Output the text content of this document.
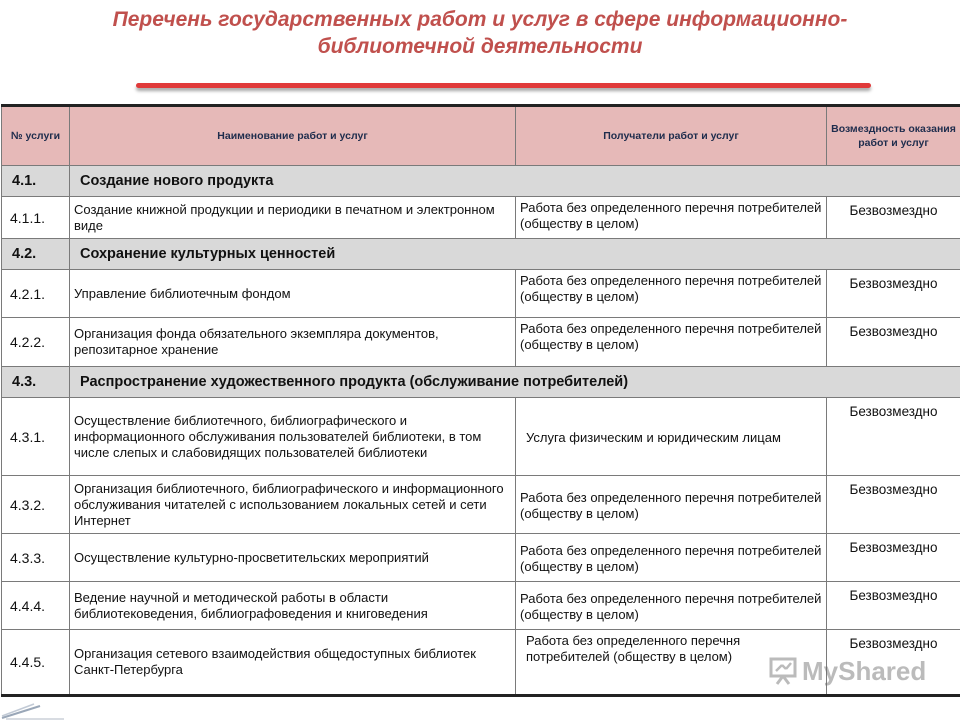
Перечень государственных работ и услуг в сфере информационно-
библиотечной деятельности
№ услуги	Наименование работ и услуг	Получатели работ и услуг	Возмездность оказания работ и услуг
4.1.	Создание нового продукта		
4.1.1.	Создание книжной продукции и периодики в печатном и электронном виде	Работа без определенного перечня потребителей (обществу в целом)	Безвозмездно
4.2.	Сохранение культурных ценностей		
4.2.1.	Управление библиотечным фондом	Работа без определенного перечня потребителей (обществу в целом)	Безвозмездно
4.2.2.	Организация фонда обязательного экземпляра документов, репозитарное хранение	Работа без определенного перечня потребителей (обществу в целом)	Безвозмездно
4.3.	Распространение художественного продукта (обслуживание потребителей)		
4.3.1.	Осуществление библиотечного, библиографического и информационного обслуживания пользователей библиотеки, в том числе слепых и слабовидящих пользователей библиотеки	Услуга физическим и юридическим лицам	Безвозмездно
4.3.2.	Организация библиотечного, библиографического и информационного обслуживания читателей с использованием локальных сетей и сети Интернет	Работа без определенного перечня потребителей (обществу в целом)	Безвозмездно
4.3.3.	Осуществление культурно-просветительских мероприятий	Работа без определенного перечня потребителей (обществу в целом)	Безвозмездно
4.4.4.	Ведение научной и методической работы в области библиотековедения, библиографоведения и книговедения	Работа без определенного перечня потребителей (обществу в целом)	Безвозмездно
4.4.5.	Организация сетевого взаимодействия общедоступных библиотек Санкт-Петербурга	Работа без определенного перечня потребителей (обществу в целом)	Безвозмездно
MyShared
